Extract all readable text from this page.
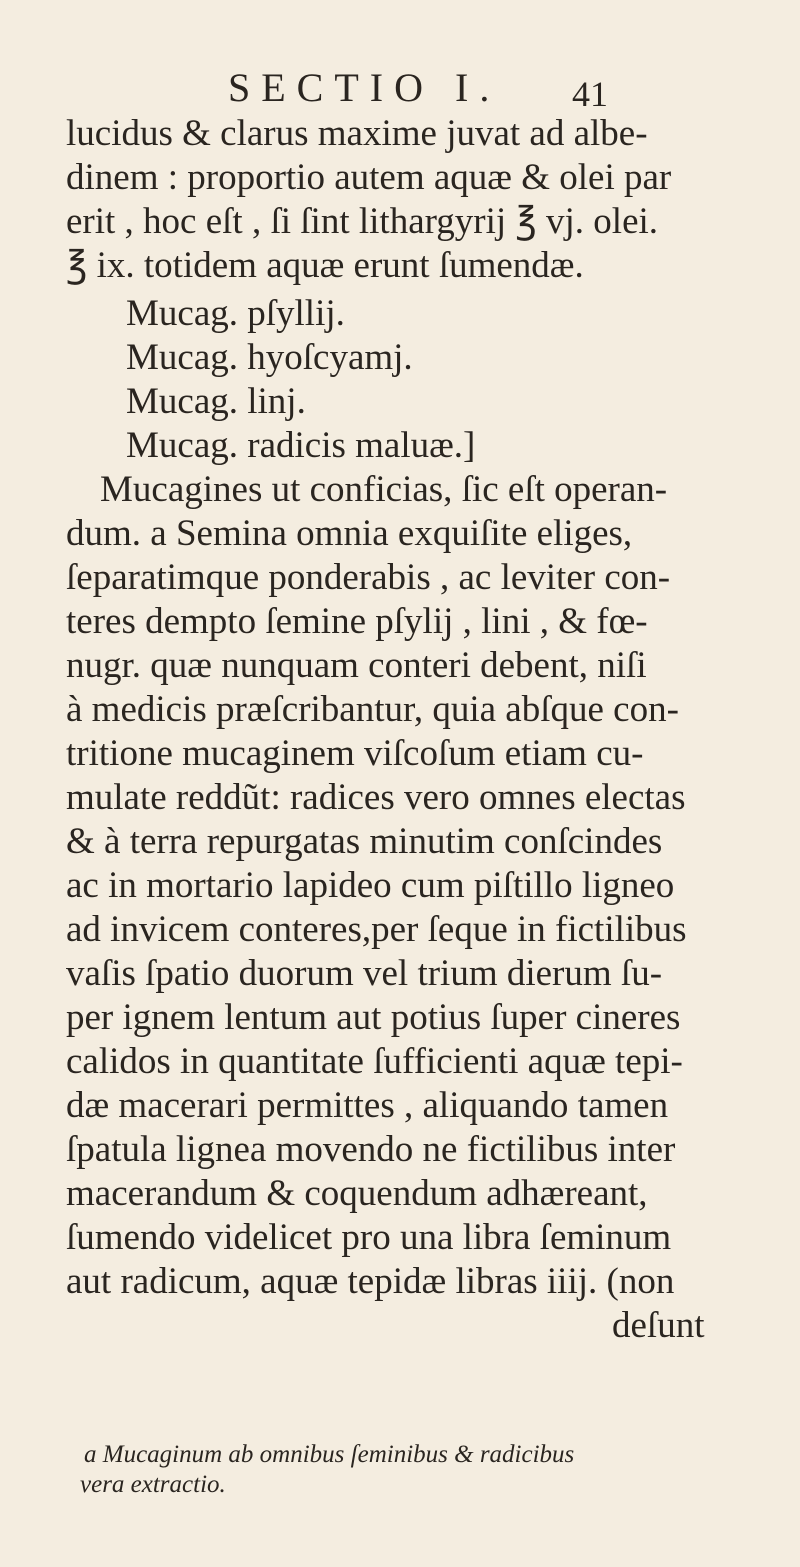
SECTIO I. 41
lucidus & clarus maxime juvat ad albe-
dinem : proportio autem aquæ & olei par
erit , hoc eſt , ſi ſint lithargyrij ℥ vj. olei.
℥ ix. totidem aquæ erunt ſumendæ.
Mucag. pſyllij.
Mucag. hyoſcyamj.
Mucag. linj.
Mucag. radicis maluæ.]
Mucagines ut conficias, ſic eſt operan-
dum. a Semina omnia exquiſite eliges,
ſeparatimque ponderabis , ac leviter con-
teres dempto ſemine pſylij , lini , & fœ-
nugr. quæ nunquam conteri debent, niſi
à medicis præſcribantur, quia abſque con-
tritione mucaginem viſcoſum etiam cu-
mulate reddũt: radices vero omnes electas
& à terra repurgatas minutim conſcindes
ac in mortario lapideo cum piſtillo ligneo
ad invicem conteres,per ſeque in fictilibus
vaſis ſpatio duorum vel trium dierum ſu-
per ignem lentum aut potius ſuper cineres
calidos in quantitate ſufficienti aquæ tepi-
dæ macerari permittes , aliquando tamen
ſpatula lignea movendo ne fictilibus inter
macerandum & coquendum adhæreant,
ſumendo videlicet pro una libra ſeminum
aut radicum, aquæ tepidæ libras iiij. (non
deſunt
a Mucaginum ab omnibus ſeminibus & radicibus
vera extractio.
